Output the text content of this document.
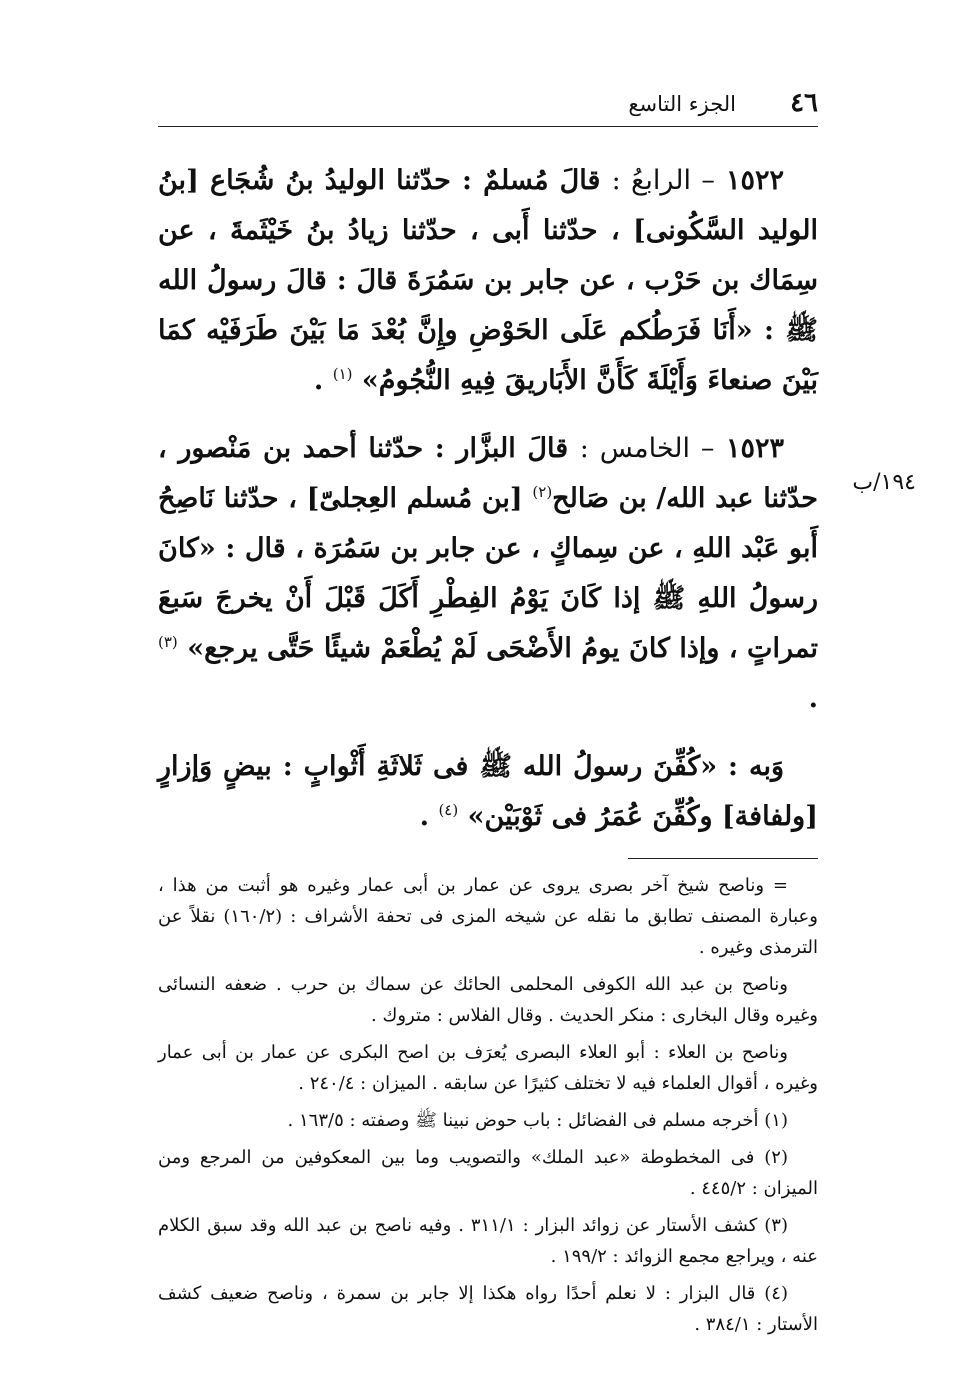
٤٦
الجزء التاسع
١٩٤/ب

١٥٢٢ – الرابعُ : قالَ مُسلمٌ : حدّثنا الوليدُ بنُ شُجَاع [بنُ الوليد السَّكُونى] ، حدّثنا أَبى ، حدّثنا زيادُ بنُ خَيْثَمةَ ، عن سِمَاك بن حَرْب ، عن جابر بن سَمُرَةَ قالَ : قالَ رسولُ الله ﷺ : «أَنَا فَرَطُكم عَلَى الحَوْضِ وإِنَّ بُعْدَ مَا بَيْنَ طَرَفَيْه كمَا بَيْنَ صنعاءَ وَأَيْلَةَ كَأَنَّ الأَبَاريقَ فِيهِ النُّجُومُ» $^{(١)}$ .

١٥٢٣ – الخامس : قالَ البزَّار : حدّثنا أحمد بن مَنْصور ، حدّثنا عبد الله/ بن صَالح$^{(٢)}$ [بن مُسلم العِجلىّ] ، حدّثنا نَاصِحُ أَبو عَبْد اللهِ ، عن سِماكٍ ، عن جابر بن سَمُرَة ، قال : «كانَ رسولُ اللهِ ﷺ إذا كَانَ يَوْمُ الفِطْرِ أَكَلَ قَبْلَ أَنْ يخرجَ سَبعَ تمراتٍ ، وإذا كانَ يومُ الأَضْحَى لَمْ يُطْعَمْ شيئًا حَتَّى يرجع» $^{(٣)}$ .

وَبه : «كُفِّنَ رسولُ الله ﷺ فى ثَلاثَةِ أَثْوابٍ : بيضٍ وَإزارٍ [ولفافة] وكُفِّنَ عُمَرُ فى ثَوْبَيْن» $^{(٤)}$ .

= وناصح شيخ آخر بصرى يروى عن عمار بن أبى عمار وغيره هو أثبت من هذا ، وعبارة المصنف تطابق ما نقله عن شيخه المزى فى تحفة الأشراف : (١٦٠/٢) نقلاً عن الترمذى وغيره .

وناصح بن عبد الله الكوفى المحلمى الحائك عن سماك بن حرب . ضعفه النسائى وغيره وقال البخارى : منكر الحديث . وقال الفلاس : متروك .

وناصح بن العلاء : أبو العلاء البصرى يُعرَف بن اصح البكرى عن عمار بن أبى عمار وغيره ، أقوال العلماء فيه لا تختلف كثيرًا عن سابقه . الميزان : ٢٤٠/٤ .

(١) أخرجه مسلم فى الفضائل : باب حوض نبينا ﷺ وصفته : ١٦٣/٥ .

(٢) فى المخطوطة «عبد الملك» والتصويب وما بين المعكوفين من المرجع ومن الميزان : ٤٤٥/٢ .

(٣) كشف الأستار عن زوائد البزار : ٣١١/١ . وفيه ناصح بن عبد الله وقد سبق الكلام عنه ، ويراجع مجمع الزوائد : ١٩٩/٢ .

(٤) قال البزار : لا نعلم أحدًا رواه هكذا إلا جابر بن سمرة ، وناصح ضعيف كشف الأستار : ٣٨٤/١ .
